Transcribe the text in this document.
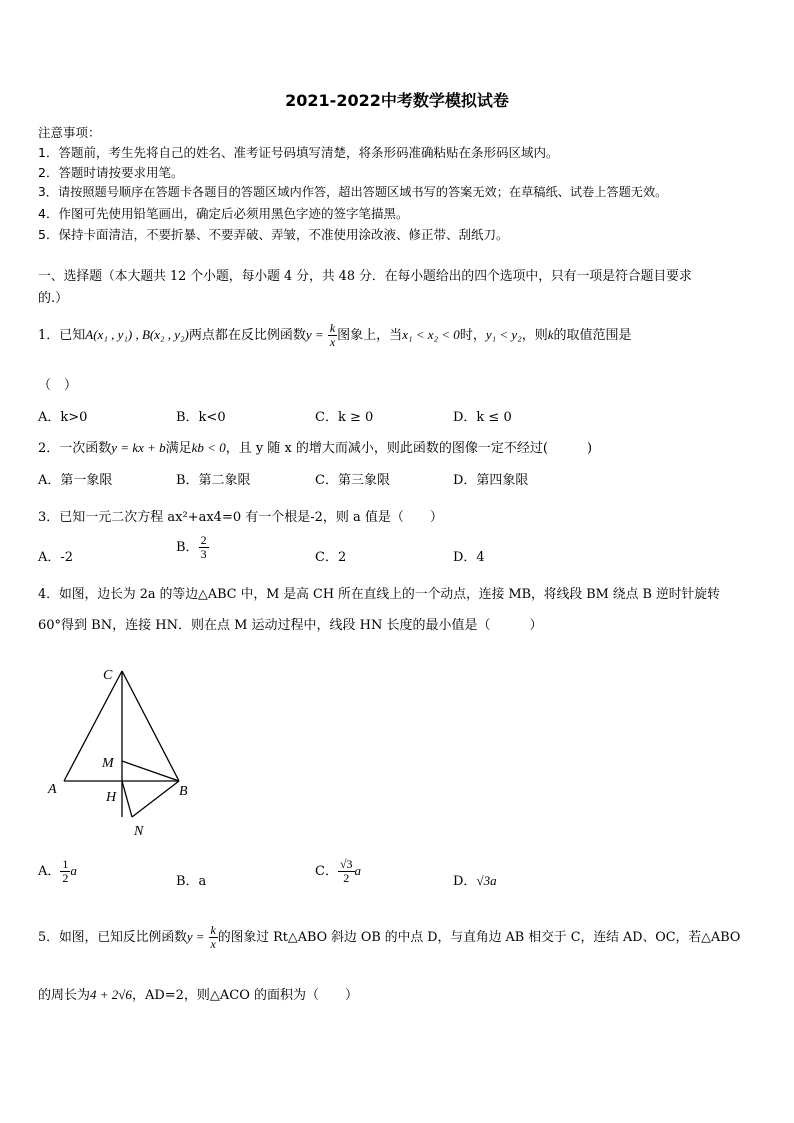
2021-2022中考数学模拟试卷
注意事项：
1．答题前，考生先将自己的姓名、准考证号码填写清楚，将条形码准确粘贴在条形码区域内。
2．答题时请按要求用笔。
3．请按照题号顺序在答题卡各题目的答题区域内作答，超出答题区域书写的答案无效；在草稿纸、试卷上答题无效。
4．作图可先使用铅笔画出，确定后必须用黑色字迹的签字笔描黑。
5．保持卡面清洁，不要折暴、不要弄破、弄皱，不准使用涂改液、修正带、刮纸刀。
一、选择题（本大题共 12 个小题，每小题 4 分，共 48 分．在每小题给出的四个选项中，只有一项是符合题目要求
的.）
1．已知A(x₁ , y₁) , B(x₂ , y₂)两点都在反比例函数$y = \frac{k}{x}$ 图象上，当x₁ < x₂ < 0时，y₁ < y₂，则k的取值范围是
（　）
A．k>0	B．k<0	C．k ≥ 0	D．k ≤ 0
2．一次函数y = kx + b满足kb < 0，且 y 随 x 的增大而减小，则此函数的图像一定不经过(　　　)
A．第一象限	B．第二象限	C．第三象限	D．第四象限
3．已知一元二次方程 ax²+ax4=0 有一个根是-2，则 a 值是（　　）
A．-2
B． $\frac{2}{3}$	C．2	D．4
4．如图，边长为 2a 的等边△ABC 中，M 是高 CH 所在直线上的一个动点，连接 MB，将线段 BM 绕点 B 逆时针旋转
60°得到 BN，连接 HN．则在点 M 运动过程中，线段 HN 长度的最小值是（　　　）
C
M
A
H	B
N
A． $\frac{1}{2}$ a
B．a
C． $\frac{√3}{2}$ a
D．√3a
5．如图，已知反比例函数$y = \frac{k}{x}$ 的图象过 Rt△ABO 斜边 OB 的中点 D，与直角边 AB 相交于 C，连结 AD、OC，若△ABO
的周长为4 + 2√6，AD=2，则△ACO 的面积为（　　）
